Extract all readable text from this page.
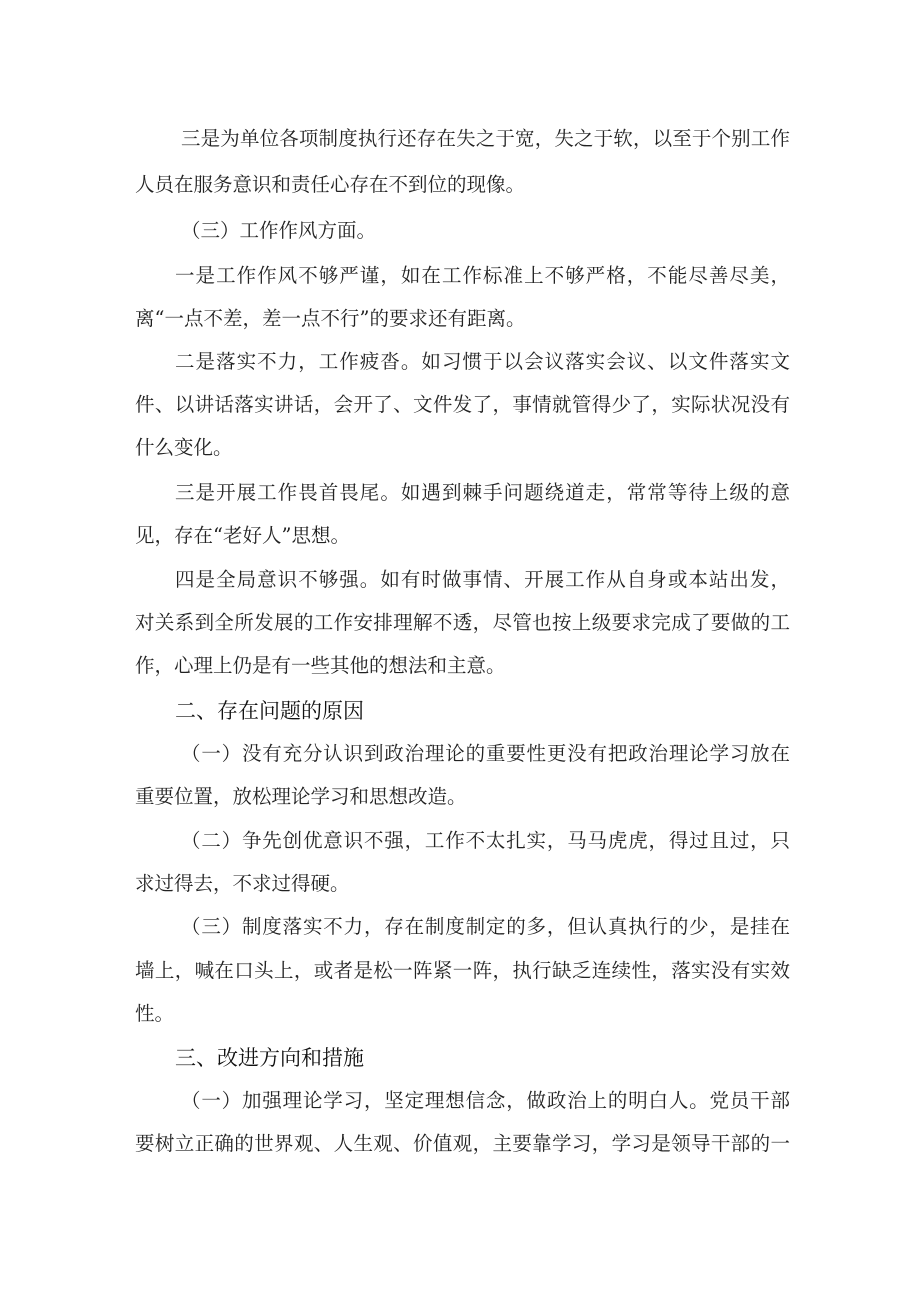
三是为单位各项制度执行还存在失之于宽，失之于软，以至于个别工作
人员在服务意识和责任心存在不到位的现像。
（三）工作作风方面。
一是工作作风不够严谨，如在工作标准上不够严格，不能尽善尽美，
离“一点不差，差一点不行”的要求还有距离。
二是落实不力，工作疲沓。如习惯于以会议落实会议、以文件落实文
件、以讲话落实讲话，会开了、文件发了，事情就管得少了，实际状况没有
什么变化。
三是开展工作畏首畏尾。如遇到棘手问题绕道走，常常等待上级的意
见，存在“老好人”思想。
四是全局意识不够强。如有时做事情、开展工作从自身或本站出发，
对关系到全所发展的工作安排理解不透，尽管也按上级要求完成了要做的工
作，心理上仍是有一些其他的想法和主意。
二、存在问题的原因
（一）没有充分认识到政治理论的重要性更没有把政治理论学习放在
重要位置，放松理论学习和思想改造。
（二）争先创优意识不强，工作不太扎实，马马虎虎，得过且过，只
求过得去，不求过得硬。
（三）制度落实不力，存在制度制定的多，但认真执行的少，是挂在
墙上，喊在口头上，或者是松一阵紧一阵，执行缺乏连续性，落实没有实效
性。
三、改进方向和措施
（一）加强理论学习，坚定理想信念，做政治上的明白人。党员干部
要树立正确的世界观、人生观、价值观，主要靠学习，学习是领导干部的一
